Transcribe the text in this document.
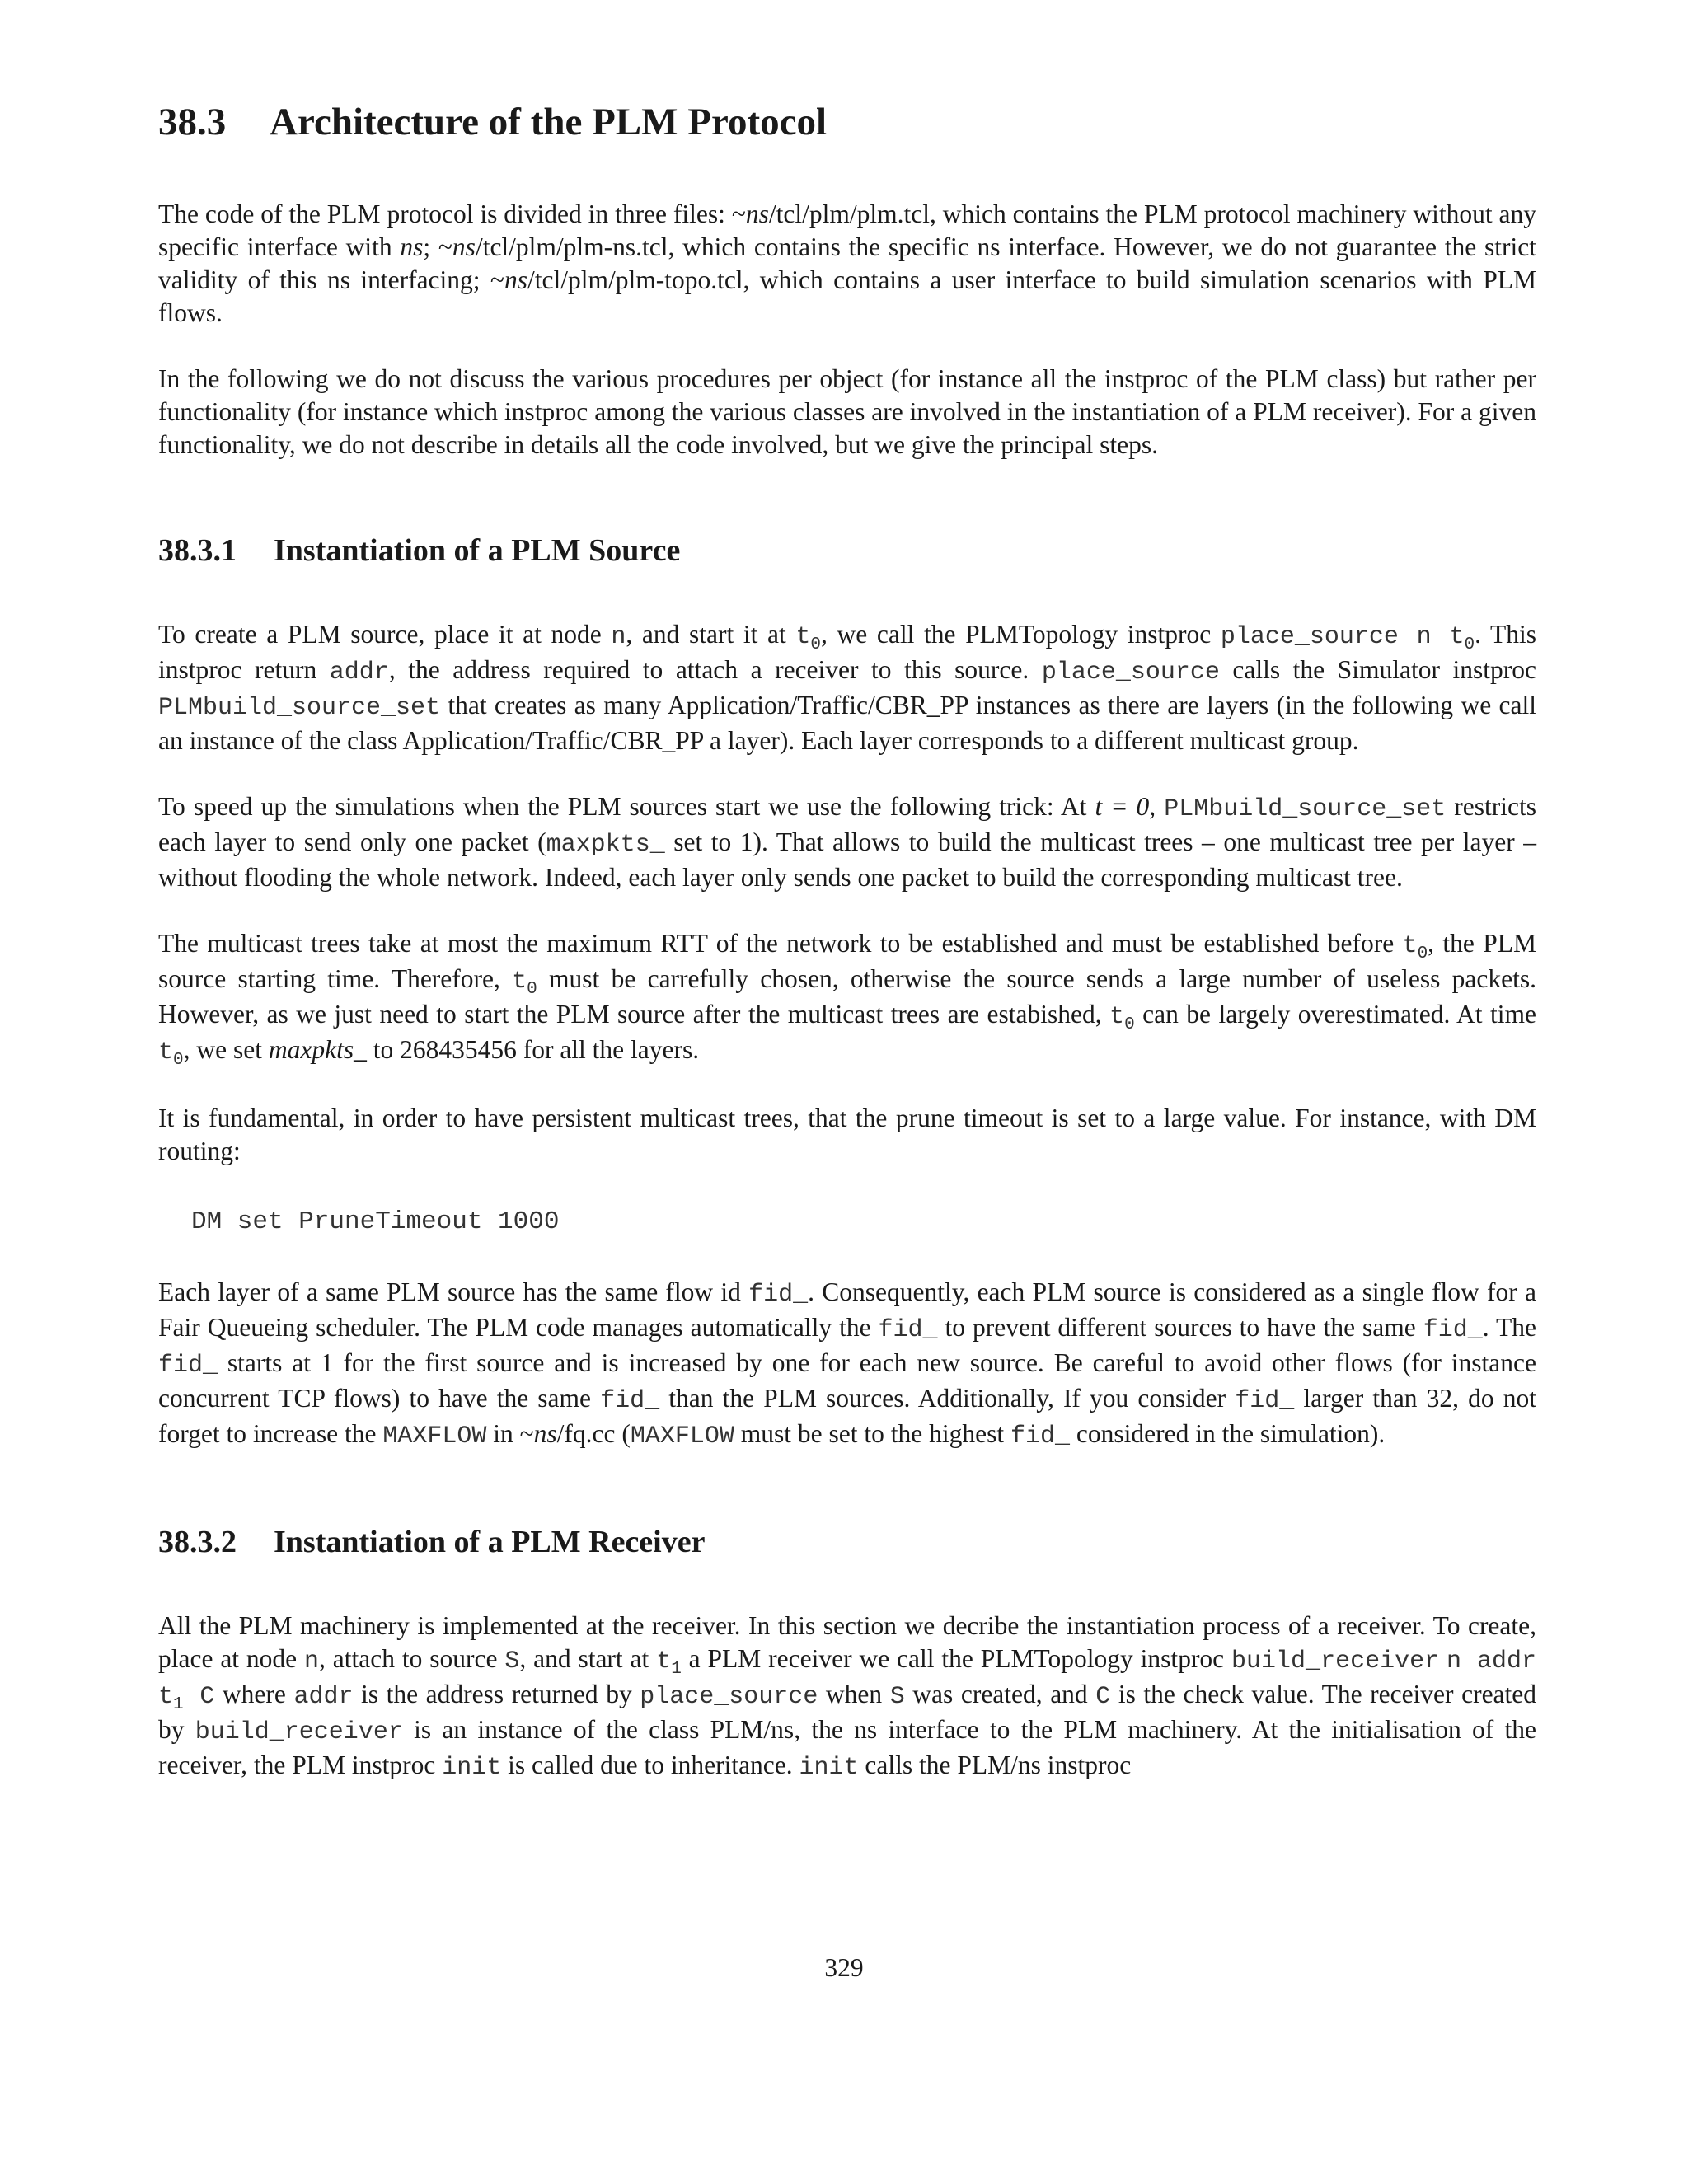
38.3 Architecture of the PLM Protocol

The code of the PLM protocol is divided in three files: ~ns/tcl/plm/plm.tcl, which contains the PLM protocol machinery without any specific interface with ns; ~ns/tcl/plm/plm-ns.tcl, which contains the specific ns interface. However, we do not guarantee the strict validity of this ns interfacing; ~ns/tcl/plm/plm-topo.tcl, which contains a user interface to build simulation scenarios with PLM flows.

In the following we do not discuss the various procedures per object (for instance all the instproc of the PLM class) but rather per functionality (for instance which instproc among the various classes are involved in the instantiation of a PLM receiver). For a given functionality, we do not describe in details all the code involved, but we give the principal steps.

38.3.1 Instantiation of a PLM Source

To create a PLM source, place it at node n, and start it at $t_0$, we call the PLMTopology instproc place_source n $t_0$. This instproc return addr, the address required to attach a receiver to this source. place_source calls the Simulator instproc PLMbuild_source_set that creates as many Application/Traffic/CBR_PP instances as there are layers (in the following we call an instance of the class Application/Traffic/CBR_PP a layer). Each layer corresponds to a different multicast group.

To speed up the simulations when the PLM sources start we use the following trick: At t = 0, PLMbuild_source_set restricts each layer to send only one packet (maxpkts_ set to 1). That allows to build the multicast trees – one multicast tree per layer – without flooding the whole network. Indeed, each layer only sends one packet to build the corresponding multicast tree.

The multicast trees take at most the maximum RTT of the network to be established and must be established before $t_0$, the PLM source starting time. Therefore, $t_0$ must be carrefully chosen, otherwise the source sends a large number of useless packets. However, as we just need to start the PLM source after the multicast trees are estabished, $t_0$ can be largely overestimated. At time $t_0$, we set maxpkts_ to 268435456 for all the layers.

It is fundamental, in order to have persistent multicast trees, that the prune timeout is set to a large value. For instance, with DM routing:

DM set PruneTimeout 1000

Each layer of a same PLM source has the same flow id fid_. Consequently, each PLM source is considered as a single flow for a Fair Queueing scheduler. The PLM code manages automatically the fid_ to prevent different sources to have the same fid_. The fid_ starts at 1 for the first source and is increased by one for each new source. Be careful to avoid other flows (for instance concurrent TCP flows) to have the same fid_ than the PLM sources. Additionally, If you consider fid_ larger than 32, do not forget to increase the MAXFLOW in ~ns/fq.cc (MAXFLOW must be set to the highest fid_ considered in the simulation).

38.3.2 Instantiation of a PLM Receiver

All the PLM machinery is implemented at the receiver. In this section we decribe the instantiation process of a receiver. To create, place at node n, attach to source S, and start at $t_1$ a PLM receiver we call the PLMTopology instproc build_receiver n addr $t_1$ C where addr is the address returned by place_source when S was created, and C is the check value. The receiver created by build_receiver is an instance of the class PLM/ns, the ns interface to the PLM machinery. At the initialisation of the receiver, the PLM instproc init is called due to inheritance. init calls the PLM/ns instproc

329
